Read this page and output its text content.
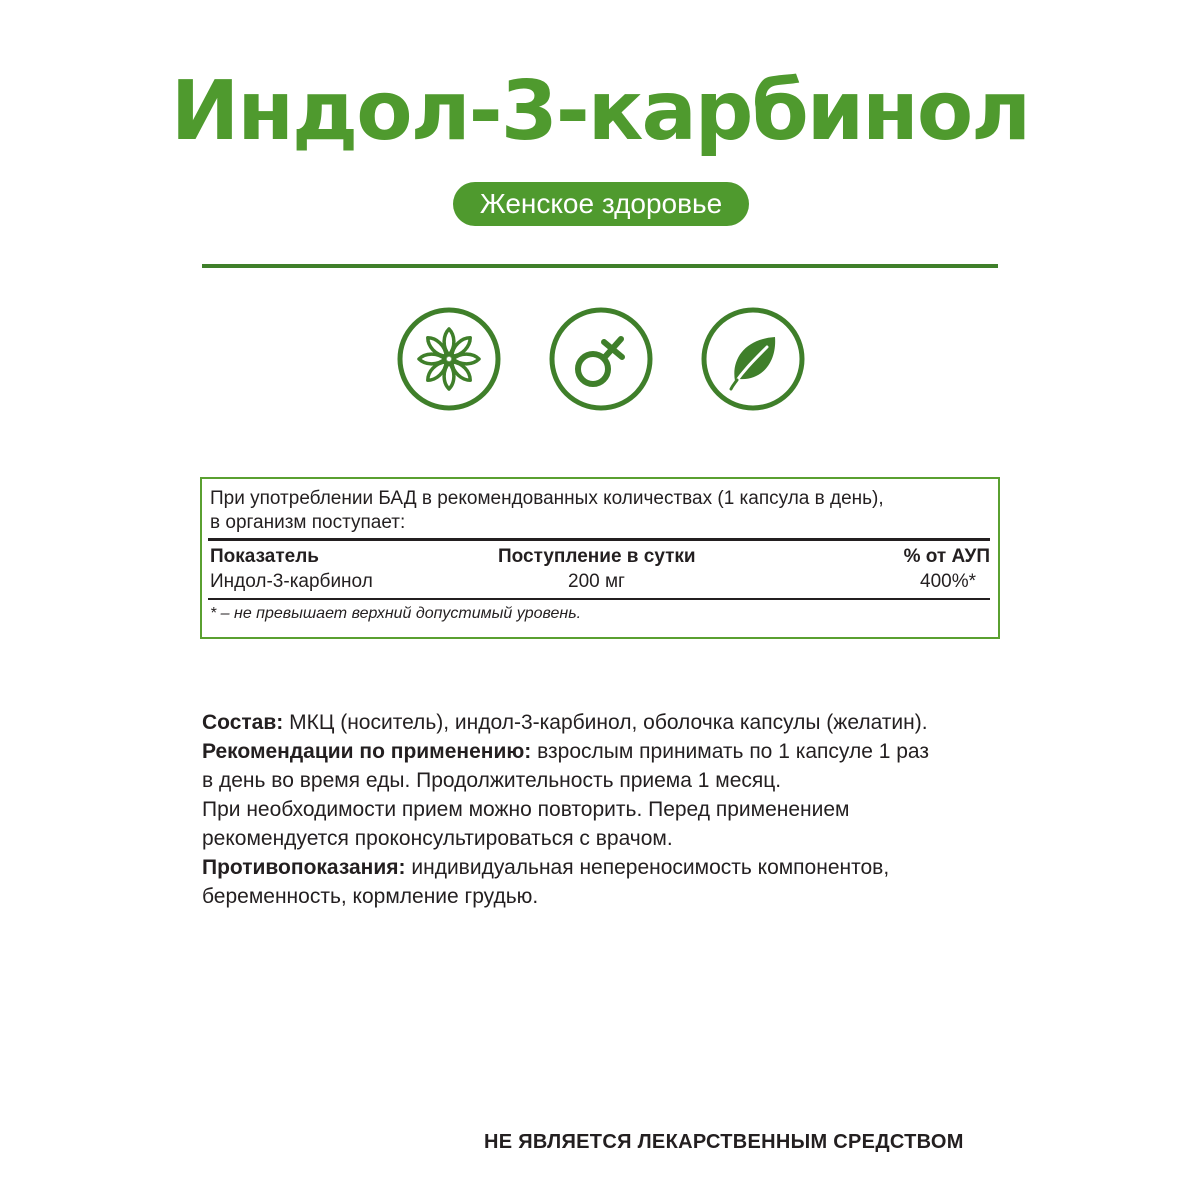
Индол-3-карбинол
Женское здоровье
При употреблении БАД в рекомендованных количествах (1 капсула в день),
в организм поступает:
Показатель	Поступление в сутки	% от АУП
Индол-3-карбинол	200 мг	400%*
* – не превышает верхний допустимый уровень.
Состав: МКЦ (носитель), индол-3-карбинол, оболочка капсулы (желатин).
Рекомендации по применению: взрослым принимать по 1 капсуле 1 раз
в день во время еды. Продолжительность приема 1 месяц.
При необходимости прием можно повторить. Перед применением
рекомендуется проконсультироваться с врачом.
Противопоказания: индивидуальная непереносимость компонентов,
беременность, кормление грудью.
НЕ ЯВЛЯЕТСЯ ЛЕКАРСТВЕННЫМ СРЕДСТВОМ
